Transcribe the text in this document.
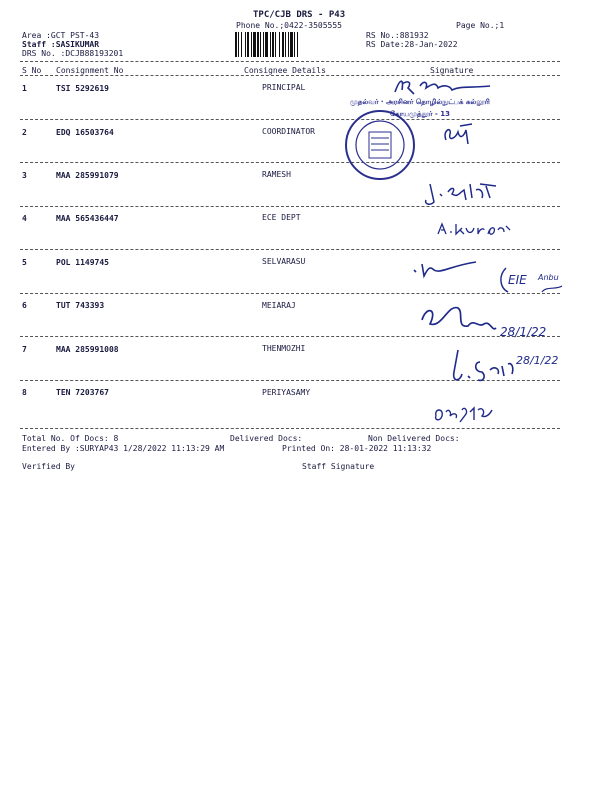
TPC/CJB DRS - P43
Phone No.;0422-3505555	Page No.;1
Area :GCT PST-43
Staff :SASIKUMAR
DRS No. :DCJB88193201
RS No.:881932
RS Date:28-Jan-2022
S No Consignment No	Consignee Details	Signature
1	TSI 5292619	PRINCIPAL
2	EDQ 16503764	COORDINATOR
3	MAA 285991079	RAMESH
4	MAA 565436447	ECE DEPT
5	POL 1149745	SELVARASU
6	TUT 743393	MEIARAJ
7	MAA 285991008	THENMOZHI
8	TEN 7203767	PERIYASAMY
Total No. Of Docs: 8	Delivered Docs:	Non Delivered Docs:
Entered By :SURYAP43 1/28/2022 11:13:29 AM	Printed On: 28-01-2022 11:13:32
Verified By	Staff Signature
முதல்வர் · அரசினர் தொழில்நுட்பக் கல்லூரி
கோயமுத்தூர் - 13
EIE Anbu
28/1/22
28/1/22
